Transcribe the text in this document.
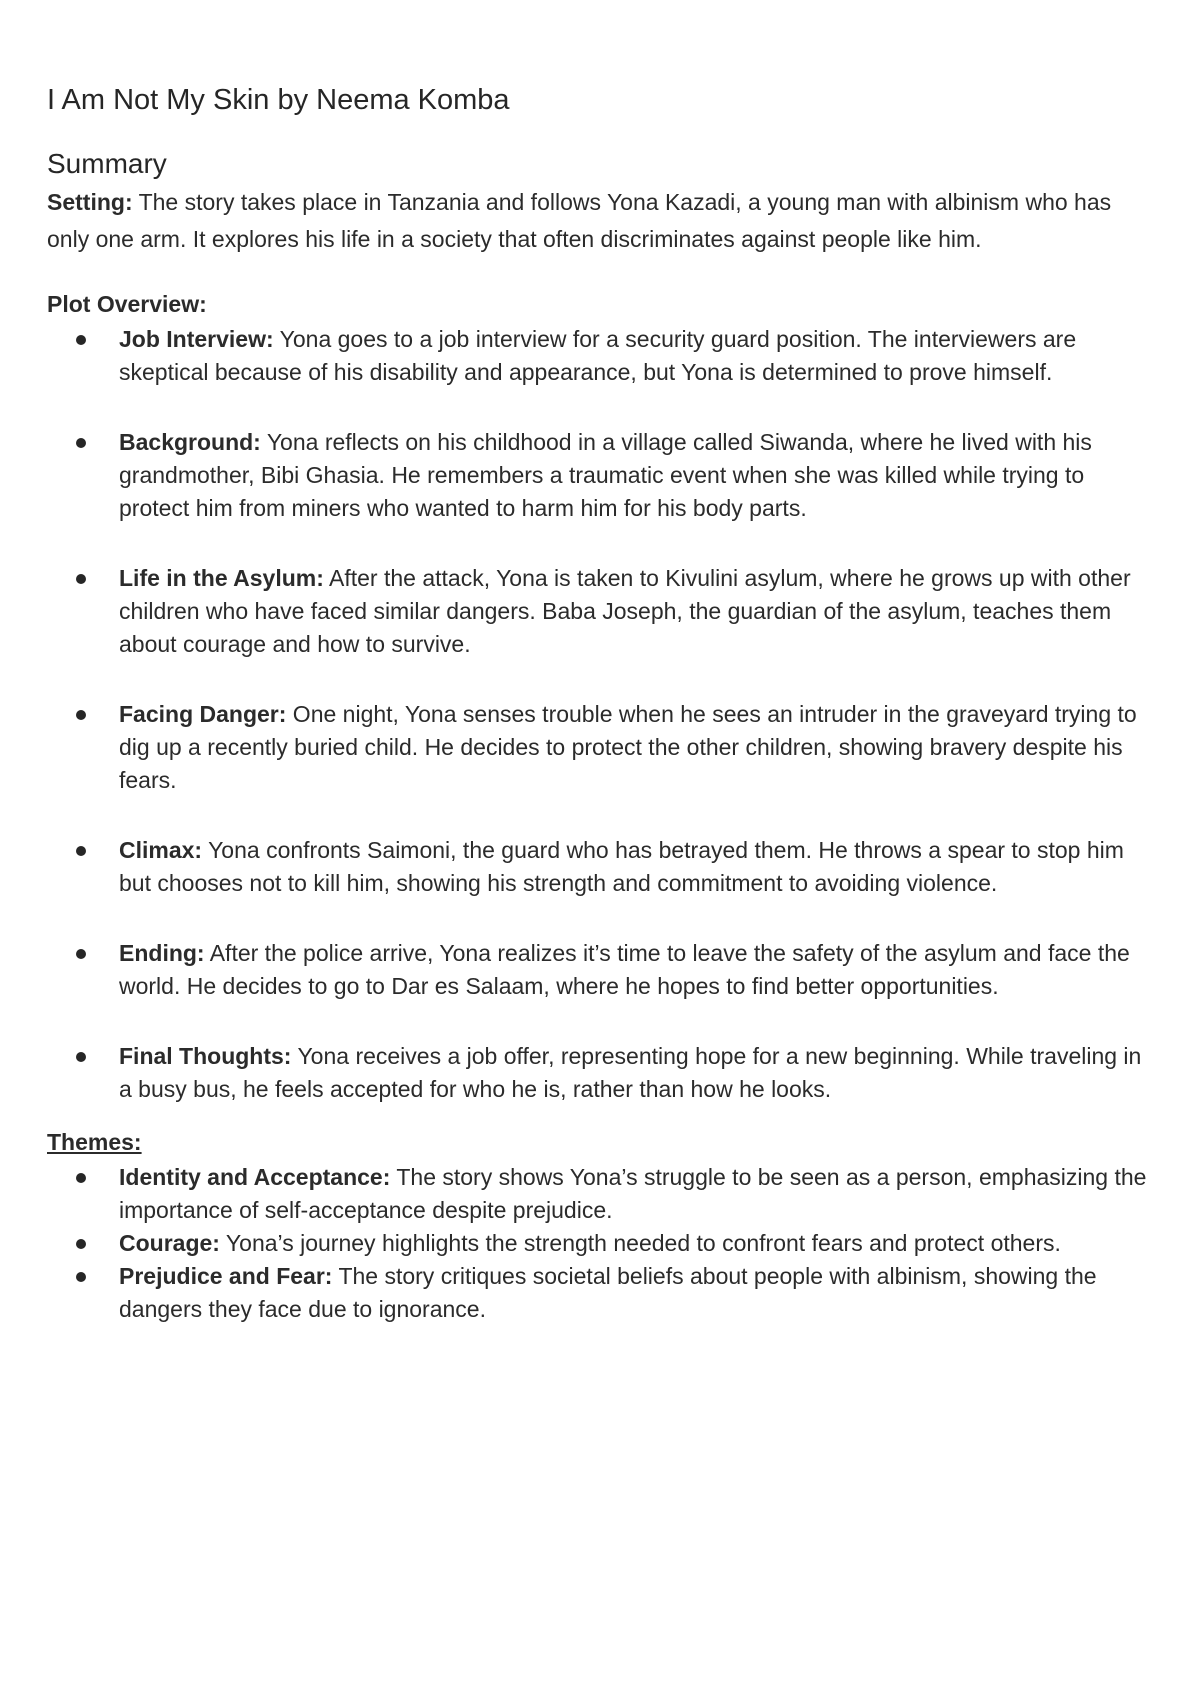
I Am Not My Skin by Neema Komba
Summary

Setting: The story takes place in Tanzania and follows Yona Kazadi, a young man with albinism who has only one arm. It explores his life in a society that often discriminates against people like him.

Plot Overview:

Job Interview: Yona goes to a job interview for a security guard position. The interviewers are skeptical because of his disability and appearance, but Yona is determined to prove himself.
Background: Yona reflects on his childhood in a village called Siwanda, where he lived with his grandmother, Bibi Ghasia. He remembers a traumatic event when she was killed while trying to protect him from miners who wanted to harm him for his body parts.
Life in the Asylum: After the attack, Yona is taken to Kivulini asylum, where he grows up with other children who have faced similar dangers. Baba Joseph, the guardian of the asylum, teaches them about courage and how to survive.
Facing Danger: One night, Yona senses trouble when he sees an intruder in the graveyard trying to dig up a recently buried child. He decides to protect the other children, showing bravery despite his fears.
Climax: Yona confronts Saimoni, the guard who has betrayed them. He throws a spear to stop him but chooses not to kill him, showing his strength and commitment to avoiding violence.
Ending: After the police arrive, Yona realizes it’s time to leave the safety of the asylum and face the world. He decides to go to Dar es Salaam, where he hopes to find better opportunities.
Final Thoughts: Yona receives a job offer, representing hope for a new beginning. While traveling in a busy bus, he feels accepted for who he is, rather than how he looks.

Themes:

Identity and Acceptance: The story shows Yona’s struggle to be seen as a person, emphasizing the importance of self-acceptance despite prejudice.
Courage: Yona’s journey highlights the strength needed to confront fears and protect others.
Prejudice and Fear: The story critiques societal beliefs about people with albinism, showing the dangers they face due to ignorance.
